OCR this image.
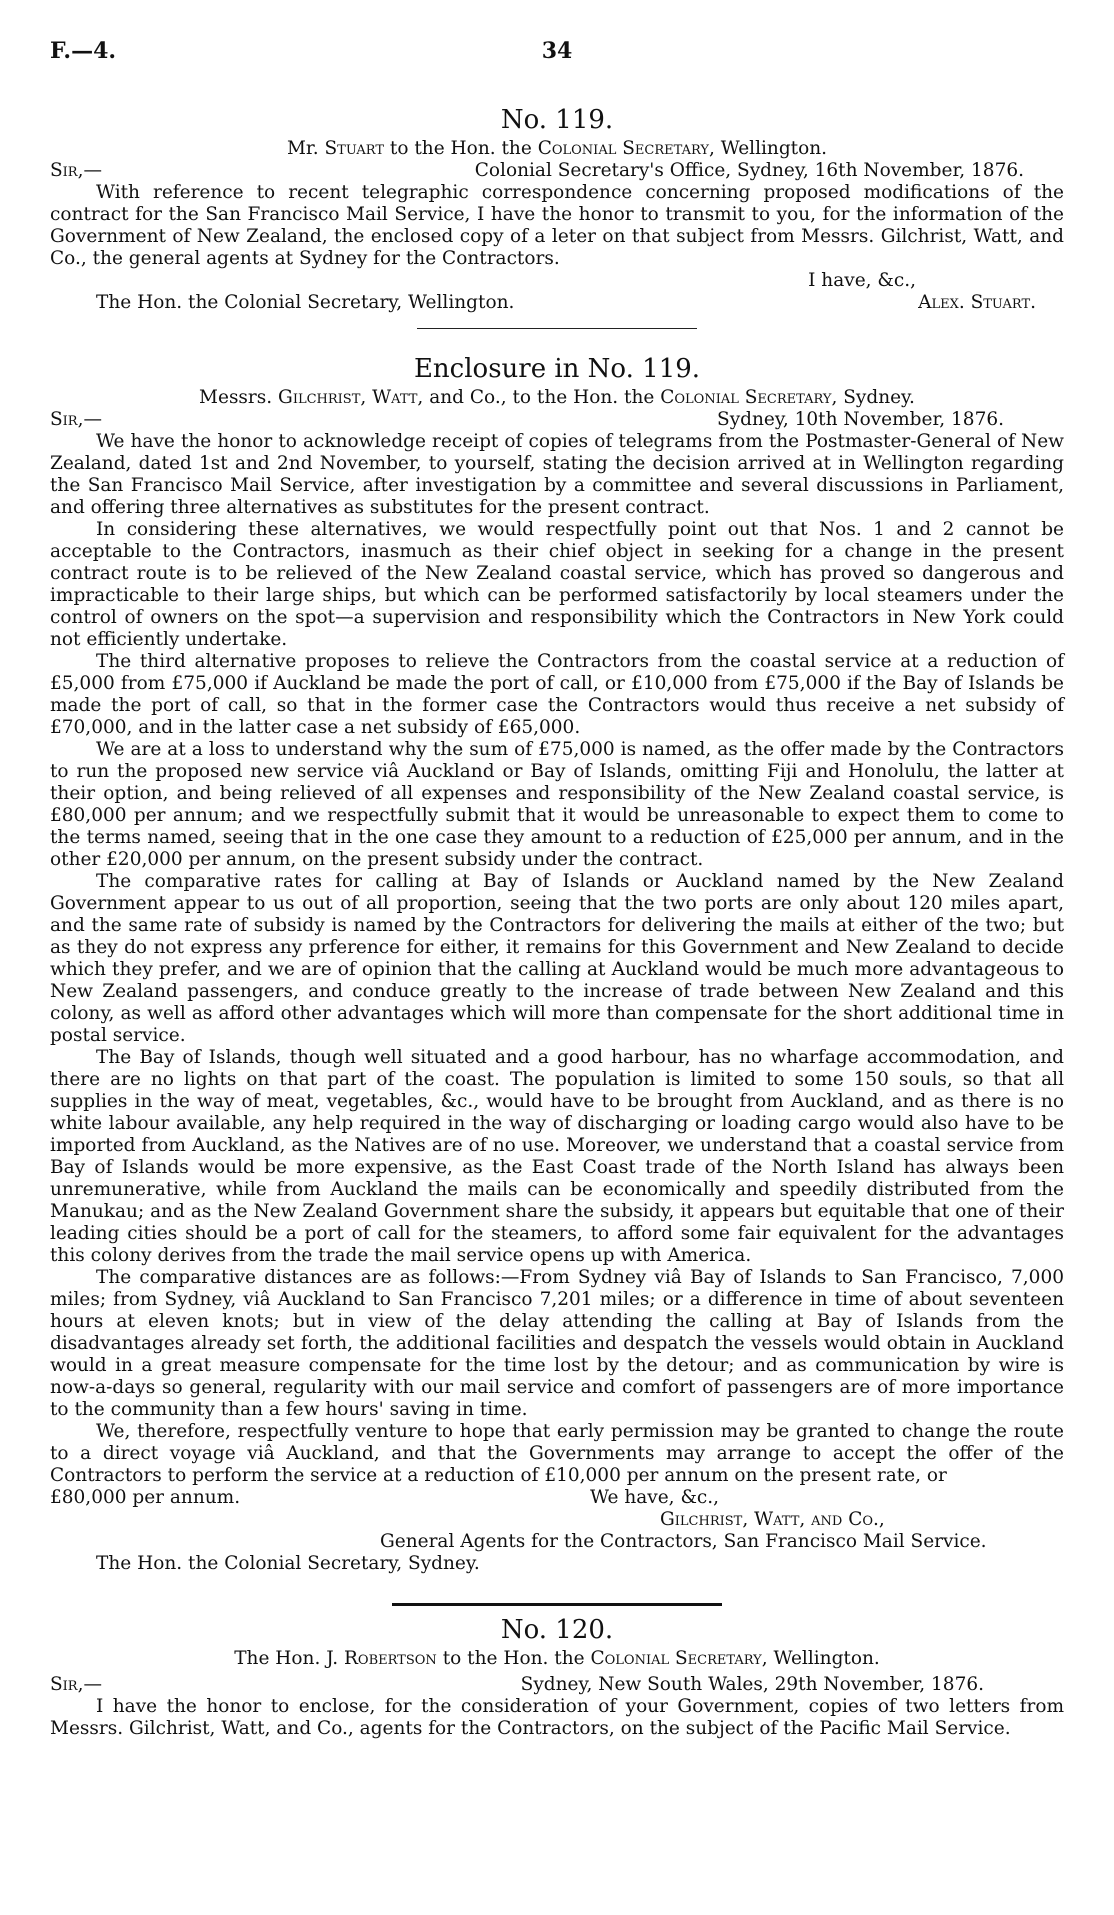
F.—4.	34
No. 119.
Mr. Stuart to the Hon. the Colonial Secretary, Wellington.
Sir,—	Colonial Secretary's Office, Sydney, 16th November, 1876.

With reference to recent telegraphic correspondence concerning proposed modifications of the contract for the San Francisco Mail Service, I have the honor to transmit to you, for the information of the Government of New Zealand, the enclosed copy of a leter on that subject from Messrs. Gilchrist, Watt, and Co., the general agents at Sydney for the Contractors.

I have, &c.,
The Hon. the Colonial Secretary, Wellington.	Alex. Stuart.
Enclosure in No. 119.
Messrs. Gilchrist, Watt, and Co., to the Hon. the Colonial Secretary, Sydney.
Sir,—	Sydney, 10th November, 1876.

We have the honor to acknowledge receipt of copies of telegrams from the Postmaster-General of New Zealand, dated 1st and 2nd November, to yourself, stating the decision arrived at in Wellington regarding the San Francisco Mail Service, after investigation by a committee and several discussions in Parliament, and offering three alternatives as substitutes for the present contract.

In considering these alternatives, we would respectfully point out that Nos. 1 and 2 cannot be acceptable to the Contractors, inasmuch as their chief object in seeking for a change in the present contract route is to be relieved of the New Zealand coastal service, which has proved so dangerous and impracticable to their large ships, but which can be performed satisfactorily by local steamers under the control of owners on the spot—a supervision and responsibility which the Contractors in New York could not efficiently undertake.

The third alternative proposes to relieve the Contractors from the coastal service at a reduction of £5,000 from £75,000 if Auckland be made the port of call, or £10,000 from £75,000 if the Bay of Islands be made the port of call, so that in the former case the Contractors would thus receive a net subsidy of £70,000, and in the latter case a net subsidy of £65,000.

We are at a loss to understand why the sum of £75,000 is named, as the offer made by the Contractors to run the proposed new service viâ Auckland or Bay of Islands, omitting Fiji and Honolulu, the latter at their option, and being relieved of all expenses and responsibility of the New Zealand coastal service, is £80,000 per annum; and we respectfully submit that it would be unreasonable to expect them to come to the terms named, seeing that in the one case they amount to a reduction of £25,000 per annum, and in the other £20,000 per annum, on the present subsidy under the contract.

The comparative rates for calling at Bay of Islands or Auckland named by the New Zealand Government appear to us out of all proportion, seeing that the two ports are only about 120 miles apart, and the same rate of subsidy is named by the Contractors for delivering the mails at either of the two; but as they do not express any prference for either, it remains for this Government and New Zealand to decide which they prefer, and we are of opinion that the calling at Auckland would be much more advantageous to New Zealand passengers, and conduce greatly to the increase of trade between New Zealand and this colony, as well as afford other advantages which will more than compensate for the short additional time in postal service.

The Bay of Islands, though well situated and a good harbour, has no wharfage accommodation, and there are no lights on that part of the coast. The population is limited to some 150 souls, so that all supplies in the way of meat, vegetables, &c., would have to be brought from Auckland, and as there is no white labour available, any help required in the way of discharging or loading cargo would also have to be imported from Auckland, as the Natives are of no use. Moreover, we understand that a coastal service from Bay of Islands would be more expensive, as the East Coast trade of the North Island has always been unremunerative, while from Auckland the mails can be economically and speedily distributed from the Manukau; and as the New Zealand Government share the subsidy, it appears but equitable that one of their leading cities should be a port of call for the steamers, to afford some fair equivalent for the advantages this colony derives from the trade the mail service opens up with America.

The comparative distances are as follows:—From Sydney viâ Bay of Islands to San Francisco, 7,000 miles; from Sydney, viâ Auckland to San Francisco 7,201 miles; or a difference in time of about seventeen hours at eleven knots; but in view of the delay attending the calling at Bay of Islands from the disadvantages already set forth, the additional facilities and despatch the vessels would obtain in Auckland would in a great measure compensate for the time lost by the detour; and as communication by wire is now-a-days so general, regularity with our mail service and comfort of passengers are of more importance to the community than a few hours' saving in time.

We, therefore, respectfully venture to hope that early permission may be granted to change the route to a direct voyage viâ Auckland, and that the Governments may arrange to accept the offer of the Contractors to perform the service at a reduction of £10,000 per annum on the present rate, or

£80,000 per annum.	We have, &c.,
Gilchrist, Watt, and Co.,
General Agents for the Contractors, San Francisco Mail Service.
The Hon. the Colonial Secretary, Sydney.
No. 120.
The Hon. J. Robertson to the Hon. the Colonial Secretary, Wellington.
Sir,—	Sydney, New South Wales, 29th November, 1876.

I have the honor to enclose, for the consideration of your Government, copies of two letters from Messrs. Gilchrist, Watt, and Co., agents for the Contractors, on the subject of the Pacific Mail Service.
